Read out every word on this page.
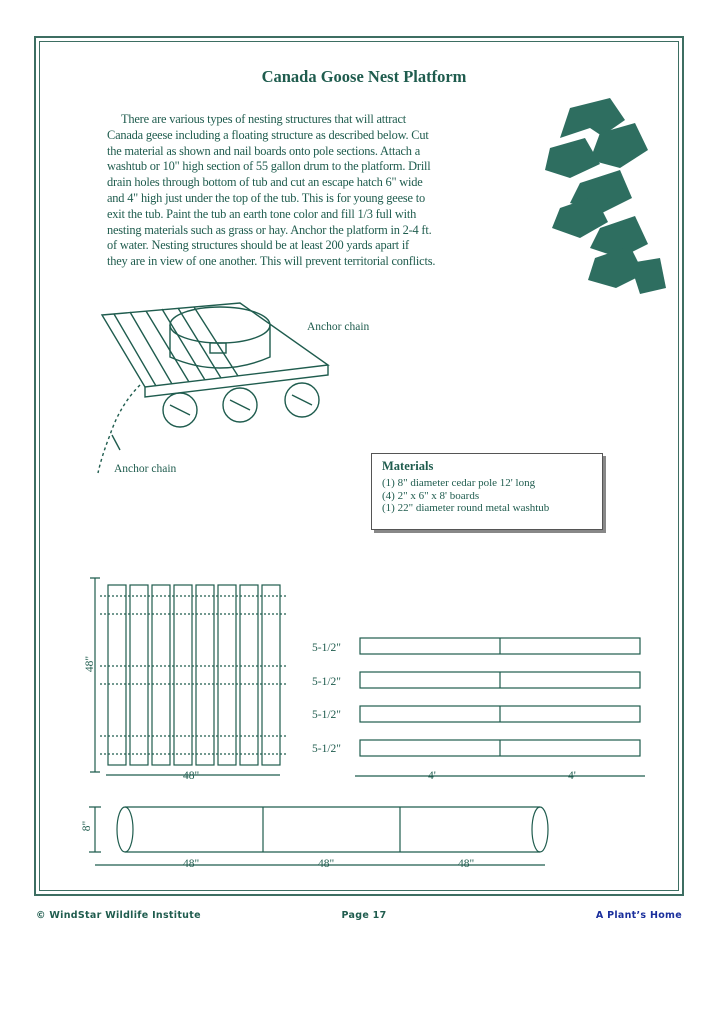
Canada Goose Nest Platform

There are various types of nesting structures that will attract
Canada geese including a floating structure as described below. Cut
the material as shown and nail boards onto pole sections. Attach a
washtub or 10" high section of 55 gallon drum to the platform. Drill
drain holes through bottom of tub and cut an escape hatch 6" wide
and 4" high just under the top of the tub. This is for young geese to
exit the tub. Paint the tub an earth tone color and fill 1/3 full with
nesting materials such as grass or hay. Anchor the platform in 2-4 ft.
of water. Nesting structures should be at least 200 yards apart if
they are in view of one another. This will prevent territorial conflicts.

Anchor chain
Anchor chain	Materials
(1) 8" diameter cedar pole 12' long
(4) 2" x 6" x 8' boards
(1) 22" diameter round metal washtub
48"
48"
5-1/2"
5-1/2"
5-1/2"
5-1/2"
4'	4'
8"
48"	48"	48"
© WindStar Wildlife Institute	Page 17	A Plant’s Home
